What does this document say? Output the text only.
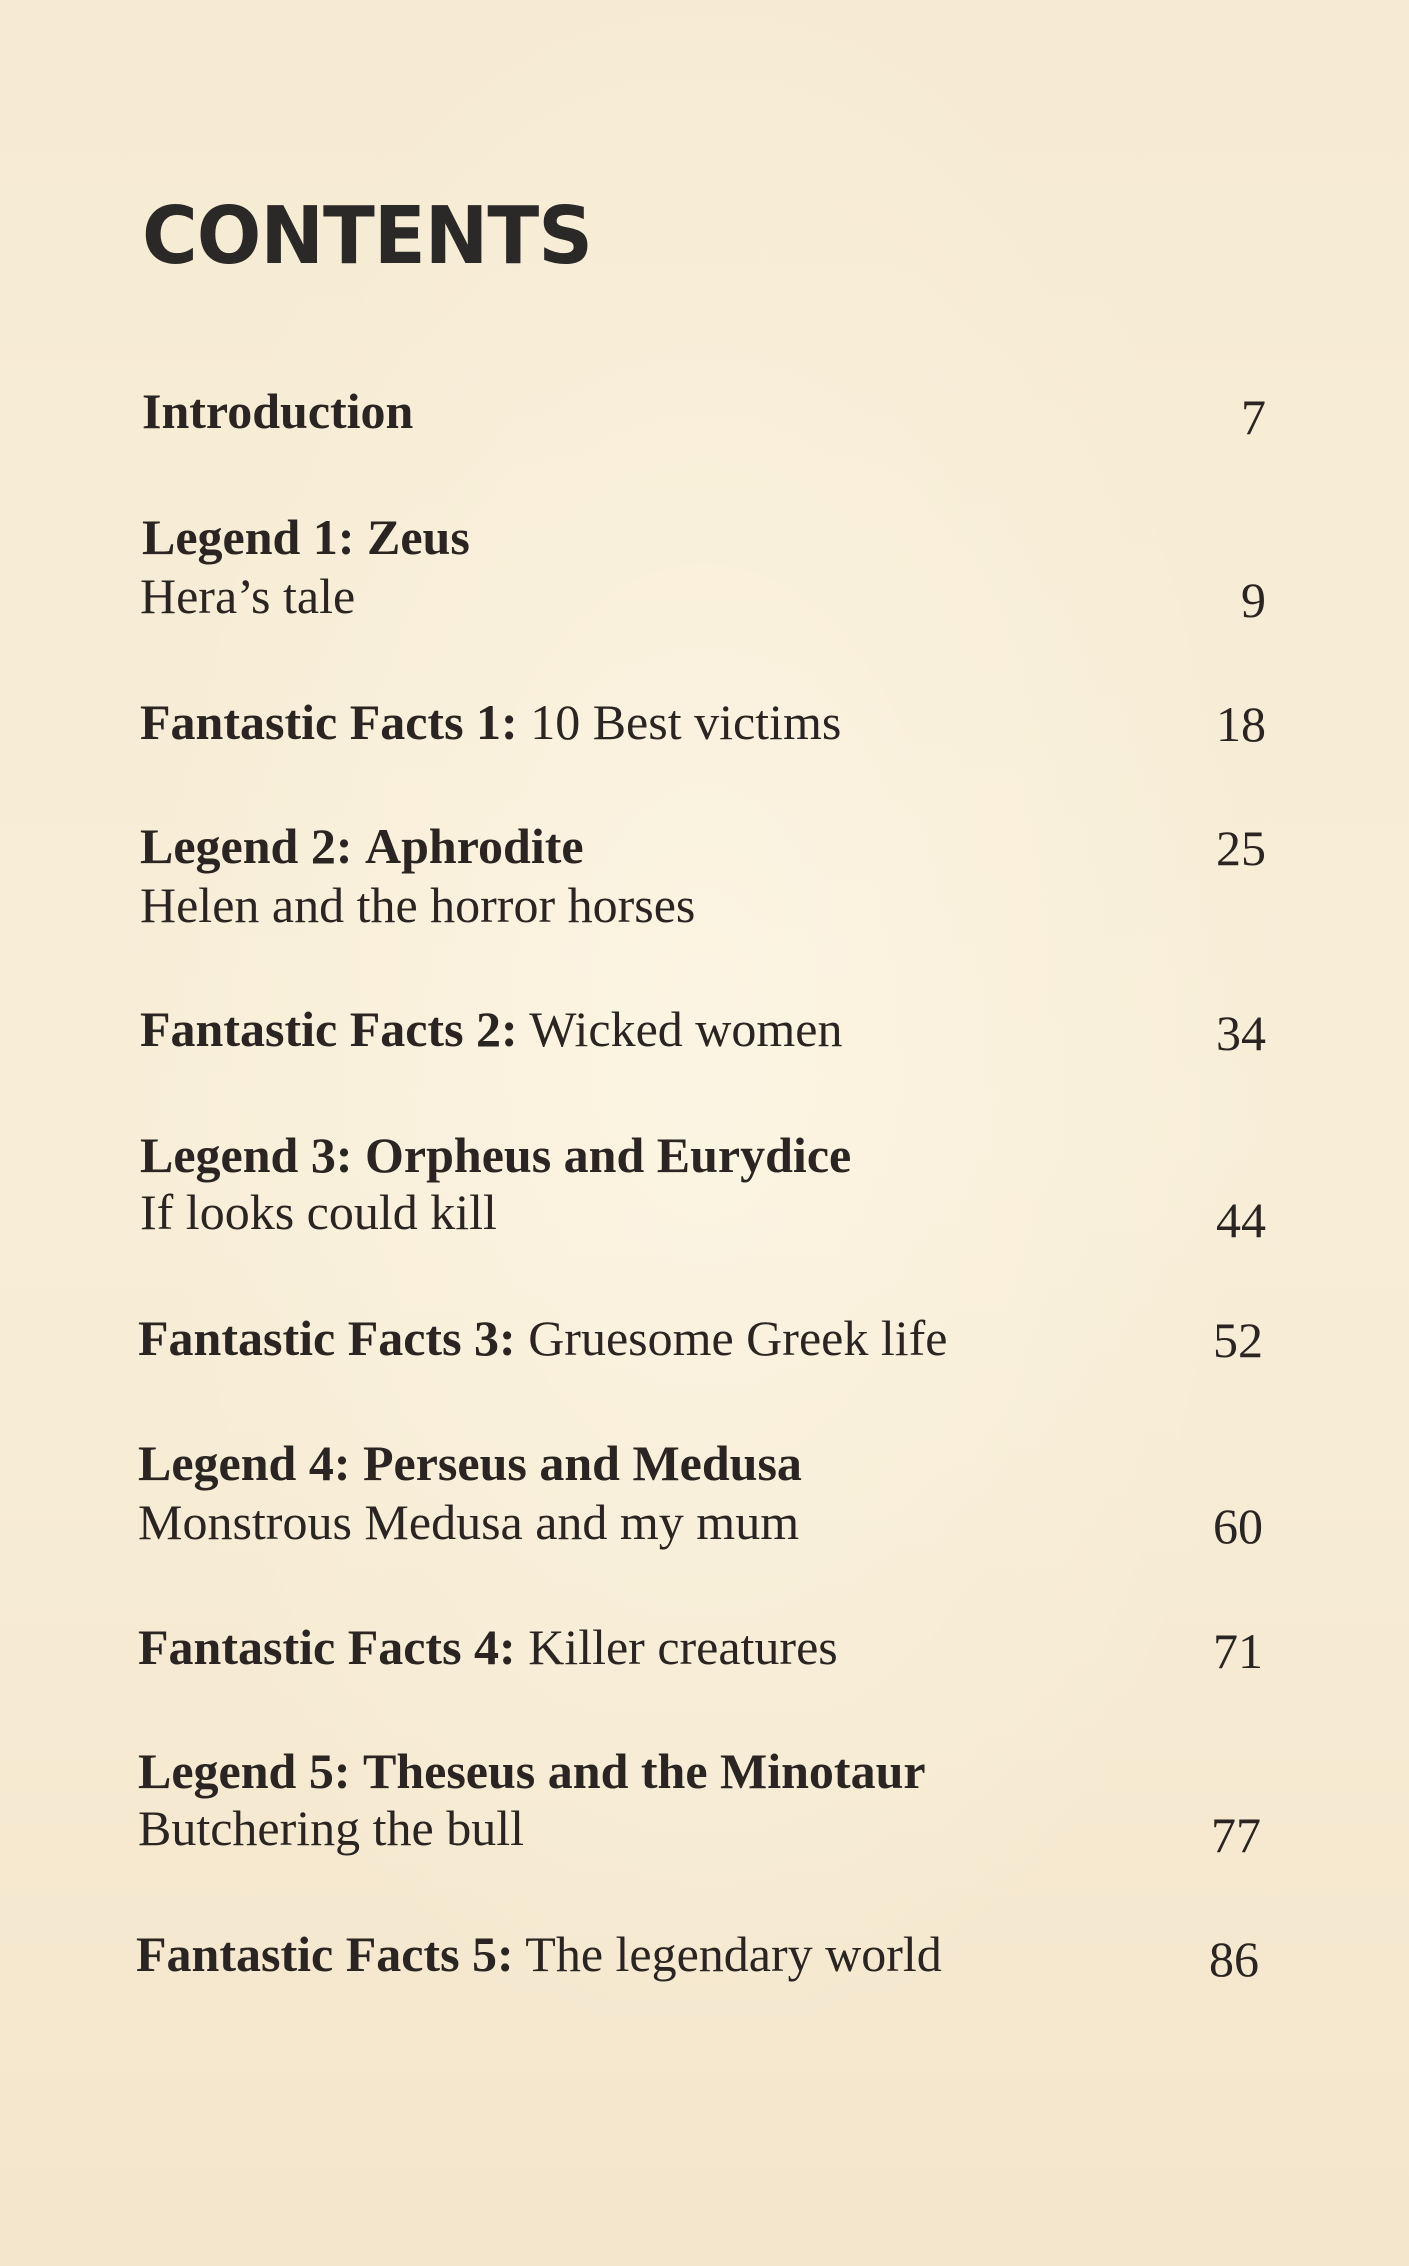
CONTENTS
Introduction	7
Legend 1: Zeus
Hera’s tale	9
Fantastic Facts 1: 10 Best victims	18
Legend 2: Aphrodite	25
Helen and the horror horses
Fantastic Facts 2: Wicked women	34
Legend 3: Orpheus and Eurydice
If looks could kill	44
Fantastic Facts 3: Gruesome Greek life	52
Legend 4: Perseus and Medusa
Monstrous Medusa and my mum	60
Fantastic Facts 4: Killer creatures	71
Legend 5: Theseus and the Minotaur
Butchering the bull	77
Fantastic Facts 5: The legendary world	86
